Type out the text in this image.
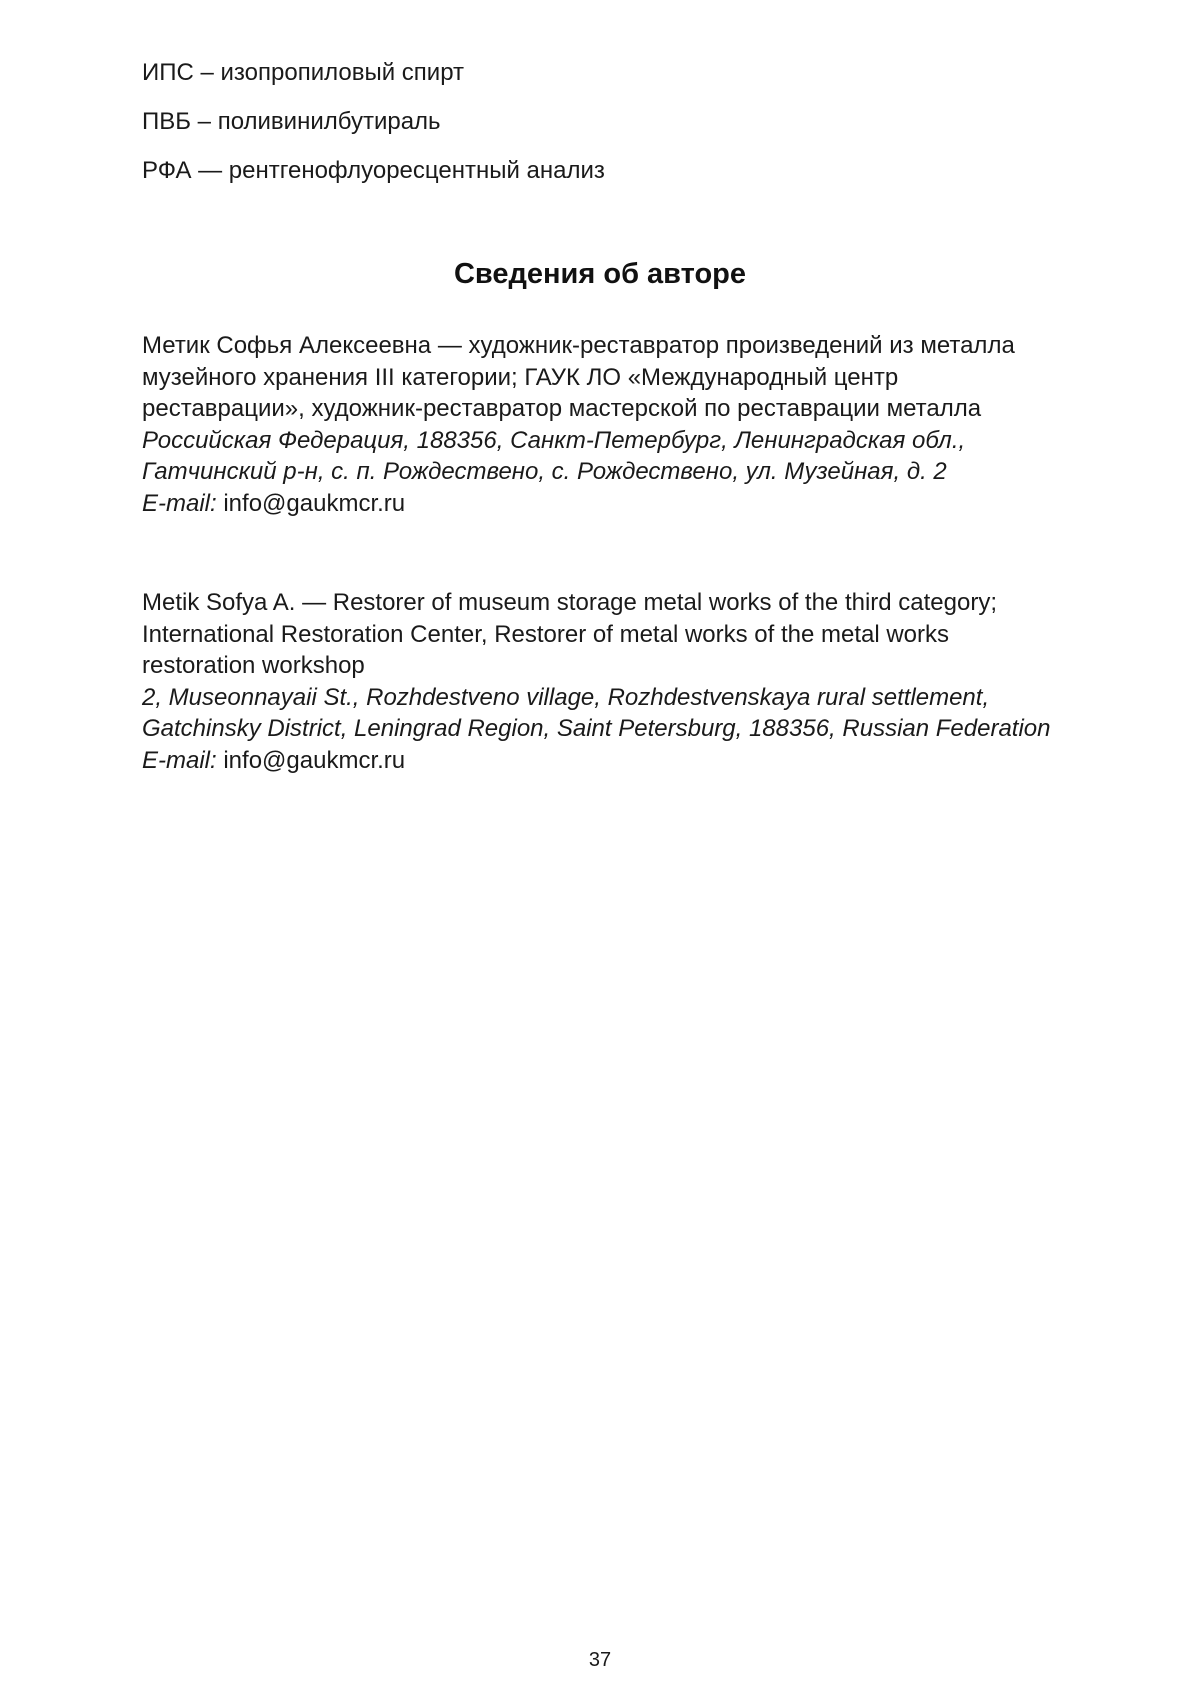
ИПС – изопропиловый спирт
ПВБ – поливинилбутираль
РФА — рентгенофлуоресцентный анализ
Сведения об авторе
Метик Софья Алексеевна — художник-реставратор произведений из металла
музейного хранения III категории; ГАУК ЛО «Международный центр
реставрации», художник-реставратор мастерской по реставрации металла
Российская Федерация, 188356, Санкт-Петербург, Ленинградская обл.,
Гатчинский р-н, с. п. Рождествено, с. Рождествено, ул. Музейная, д. 2
E-mail: info@gaukmcr.ru
Metik Sofya A. — Restorer of museum storage metal works of the third category;
International Restoration Center, Restorer of metal works of the metal works
restoration workshop
2, Museonnayaii St., Rozhdestveno village, Rozhdestvenskaya rural settlement,
Gatchinsky District, Leningrad Region, Saint Petersburg, 188356, Russian Federation
E-mail: info@gaukmcr.ru
37
